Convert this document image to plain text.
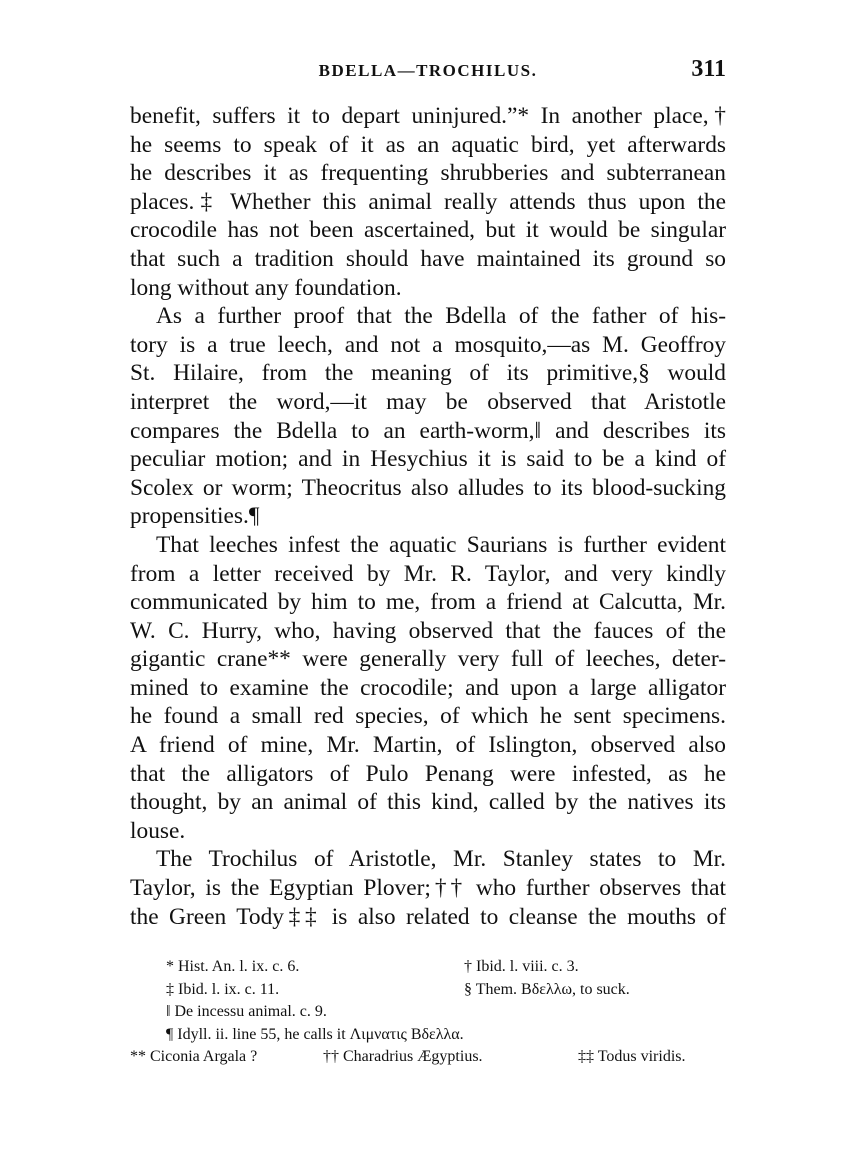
BDELLA—TROCHILUS.	311
benefit, suffers it to depart uninjured.”* In another place,†
he seems to speak of it as an aquatic bird, yet afterwards
he describes it as frequenting shrubberies and subterranean
places.‡ Whether this animal really attends thus upon the
crocodile has not been ascertained, but it would be singular
that such a tradition should have maintained its ground so
long without any foundation.
As a further proof that the Bdella of the father of his-
tory is a true leech, and not a mosquito,—as M. Geoffroy
St. Hilaire, from the meaning of its primitive,§ would
interpret the word,—it may be observed that Aristotle
compares the Bdella to an earth-worm,‖ and describes its
peculiar motion; and in Hesychius it is said to be a kind of
Scolex or worm; Theocritus also alludes to its blood-sucking
propensities.¶
That leeches infest the aquatic Saurians is further evident
from a letter received by Mr. R. Taylor, and very kindly
communicated by him to me, from a friend at Calcutta, Mr.
W. C. Hurry, who, having observed that the fauces of the
gigantic crane** were generally very full of leeches, deter-
mined to examine the crocodile; and upon a large alligator
he found a small red species, of which he sent specimens.
A friend of mine, Mr. Martin, of Islington, observed also
that the alligators of Pulo Penang were infested, as he
thought, by an animal of this kind, called by the natives its
louse.
The Trochilus of Aristotle, Mr. Stanley states to Mr.
Taylor, is the Egyptian Plover;†† who further observes that
the Green Tody‡‡ is also related to cleanse the mouths of
* Hist. An. l. ix. c. 6.	† Ibid. l. viii. c. 3.
‡ Ibid. l. ix. c. 11.	§ Them. Bδελλω, to suck.
‖ De incessu animal. c. 9.
¶ Idyll. ii. line 55, he calls it Λιμνατις Bδελλα.
** Ciconia Argala ?	†† Charadrius Ægyptius.	‡‡ Todus viridis.
